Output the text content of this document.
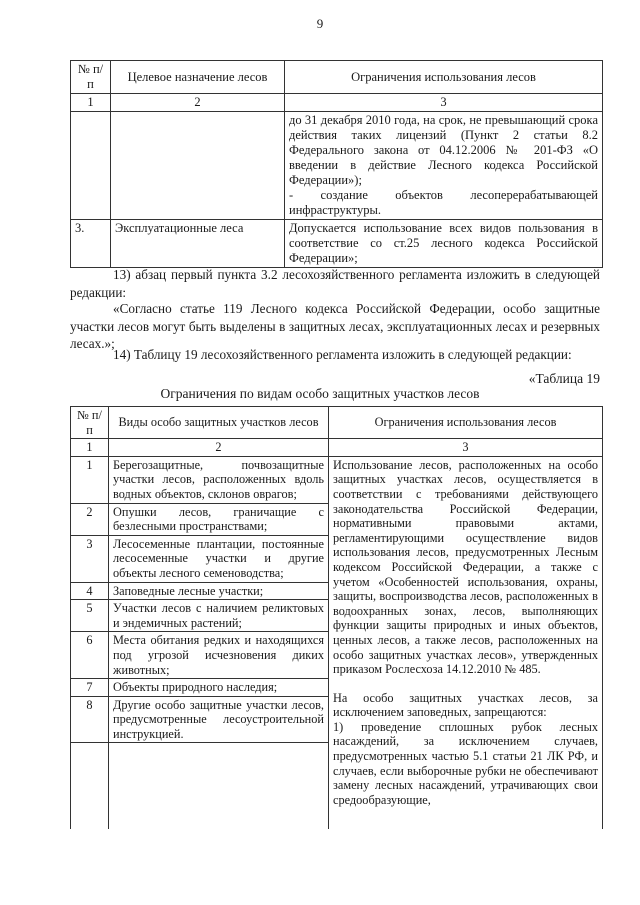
9
№ п/п	Целевое назначение лесов	Ограничения использования лесов
1	2	3

		до 31 декабря 2010 года, на срок, не превышающий срока действия таких лицензий (Пункт 2 статьи 8.2 Федерального закона от 04.12.2006 № 201-ФЗ «О введении в действие Лесного кодекса Российской Федерации»);

- создание объектов лесоперерабатывающей инфраструктуры.

3.	Эксплуатационные леса	Допускается использование всех видов пользования в соответствие со ст.25 лесного кодекса Российской Федерации»;
13) абзац первый пункта 3.2 лесохозяйственного регламента изложить в следующей редакции:
«Согласно статье 119 Лесного кодекса Российской Федерации, особо защитные участки лесов могут быть выделены в защитных лесах, эксплуатационных лесах и резервных лесах.»;
14) Таблицу 19 лесохозяйственного регламента изложить в следующей редакции:
«Таблица 19
Ограничения по видам особо защитных участков лесов
№ п/п	Виды особо защитных участков лесов	Ограничения использования лесов
1	2	3
1	Берегозащитные, почвозащитные участки лесов, расположенных вдоль водных объектов, склонов оврагов;	Использование лесов, расположенных на особо защитных участках лесов, осуществляется в соответствии с требованиями действующего законодательства Российской Федерации, нормативными правовыми актами, регламентирующими осуществление видов использования лесов, предусмотренных Лесным кодексом Российской Федерации, а также с учетом «Особенностей использования, охраны, защиты, воспроизводства лесов, расположенных в водоохранных зонах, лесов, выполняющих функции защиты природных и иных объектов, ценных лесов, а также лесов, расположенных на особо защитных участках лесов», утвержденных приказом Рослесхоза 14.12.2010 № 485.

На особо защитных участках лесов, за исключением заповедных, запрещаются:

1) проведение сплошных рубок лесных насаждений, за исключением случаев, предусмотренных частью 5.1 статьи 21 ЛК РФ, и случаев, если выборочные рубки не обеспечивают замену лесных насаждений, утрачивающих свои средообразующие,

2	Опушки лесов, граничащие с безлесными пространствами;	
3	Лесосеменные плантации, постоянные лесосеменные участки и другие объекты лесного семеноводства;	
4	Заповедные лесные участки;	
5	Участки лесов с наличием реликтовых и эндемичных растений;	
6	Места обитания редких и находящихся под угрозой исчезновения диких животных;	
7	Объекты природного наследия;	
8	Другие особо защитные участки лесов, предусмотренные лесоустроительной инструкцией.	
